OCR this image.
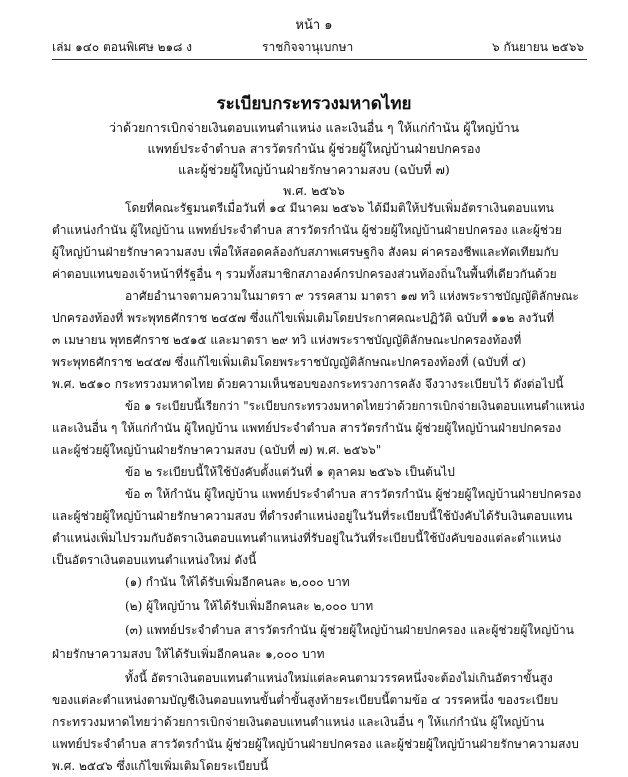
หน้า ๑
เล่ม ๑๔๐ ตอนพิเศษ ๒๑๘ ง	ราชกิจจานุเบกษา	๖ กันยายน ๒๕๖๖
ระเบียบกระทรวงมหาดไทย
ว่าด้วยการเบิกจ่ายเงินตอบแทนตำแหน่ง และเงินอื่น ๆ ให้แก่กำนัน ผู้ใหญ่บ้าน
แพทย์ประจำตำบล สารวัตรกำนัน ผู้ช่วยผู้ใหญ่บ้านฝ่ายปกครอง
และผู้ช่วยผู้ใหญ่บ้านฝ่ายรักษาความสงบ (ฉบับที่ ๗)
พ.ศ. ๒๕๖๖
โดยที่คณะรัฐมนตรีเมื่อวันที่ ๑๔ มีนาคม ๒๕๖๖ ได้มีมติให้ปรับเพิ่มอัตราเงินตอบแทน
ตำแหน่งกำนัน ผู้ใหญ่บ้าน แพทย์ประจำตำบล สารวัตรกำนัน ผู้ช่วยผู้ใหญ่บ้านฝ่ายปกครอง และผู้ช่วย
ผู้ใหญ่บ้านฝ่ายรักษาความสงบ เพื่อให้สอดคล้องกับสภาพเศรษฐกิจ สังคม ค่าครองชีพและทัดเทียมกับ
ค่าตอบแทนของเจ้าหน้าที่รัฐอื่น ๆ รวมทั้งสมาชิกสภาองค์กรปกครองส่วนท้องถิ่นในพื้นที่เดียวกันด้วย
อาศัยอำนาจตามความในมาตรา ๙ วรรคสาม มาตรา ๑๗ ทวิ แห่งพระราชบัญญัติลักษณะ
ปกครองท้องที่ พระพุทธศักราช ๒๔๕๗ ซึ่งแก้ไขเพิ่มเติมโดยประกาศคณะปฏิวัติ ฉบับที่ ๑๑๒ ลงวันที่
๓ เมษายน พุทธศักราช ๒๕๑๕ และมาตรา ๒๙ ทวิ แห่งพระราชบัญญัติลักษณะปกครองท้องที่
พระพุทธศักราช ๒๔๕๗ ซึ่งแก้ไขเพิ่มเติมโดยพระราชบัญญัติลักษณะปกครองท้องที่ (ฉบับที่ ๔)
พ.ศ. ๒๕๑๐ กระทรวงมหาดไทย ด้วยความเห็นชอบของกระทรวงการคลัง จึงวางระเบียบไว้ ดังต่อไปนี้
ข้อ ๑ ระเบียบนี้เรียกว่า "ระเบียบกระทรวงมหาดไทยว่าด้วยการเบิกจ่ายเงินตอบแทนตำแหน่ง
และเงินอื่น ๆ ให้แก่กำนัน ผู้ใหญ่บ้าน แพทย์ประจำตำบล สารวัตรกำนัน ผู้ช่วยผู้ใหญ่บ้านฝ่ายปกครอง
และผู้ช่วยผู้ใหญ่บ้านฝ่ายรักษาความสงบ (ฉบับที่ ๗) พ.ศ. ๒๕๖๖"
ข้อ ๒ ระเบียบนี้ให้ใช้บังคับตั้งแต่วันที่ ๑ ตุลาคม ๒๕๖๖ เป็นต้นไป
ข้อ ๓ ให้กำนัน ผู้ใหญ่บ้าน แพทย์ประจำตำบล สารวัตรกำนัน ผู้ช่วยผู้ใหญ่บ้านฝ่ายปกครอง
และผู้ช่วยผู้ใหญ่บ้านฝ่ายรักษาความสงบ ที่ดำรงตำแหน่งอยู่ในวันที่ระเบียบนี้ใช้บังคับได้รับเงินตอบแทน
ตำแหน่งเพิ่มไปรวมกับอัตราเงินตอบแทนตำแหน่งที่รับอยู่ในวันที่ระเบียบนี้ใช้บังคับของแต่ละตำแหน่ง
เป็นอัตราเงินตอบแทนตำแหน่งใหม่ ดังนี้
(๑) กำนัน ให้ได้รับเพิ่มอีกคนละ ๒,๐๐๐ บาท
(๒) ผู้ใหญ่บ้าน ให้ได้รับเพิ่มอีกคนละ ๒,๐๐๐ บาท
(๓) แพทย์ประจำตำบล สารวัตรกำนัน ผู้ช่วยผู้ใหญ่บ้านฝ่ายปกครอง และผู้ช่วยผู้ใหญ่บ้าน
ฝ่ายรักษาความสงบ ให้ได้รับเพิ่มอีกคนละ ๑,๐๐๐ บาท
ทั้งนี้ อัตราเงินตอบแทนตำแหน่งใหม่แต่ละคนตามวรรคหนึ่งจะต้องไม่เกินอัตราขั้นสูง
ของแต่ละตำแหน่งตามบัญชีเงินตอบแทนขั้นต่ำขั้นสูงท้ายระเบียบนี้ตามข้อ ๔ วรรคหนึ่ง ของระเบียบ
กระทรวงมหาดไทยว่าด้วยการเบิกจ่ายเงินตอบแทนตำแหน่ง และเงินอื่น ๆ ให้แก่กำนัน ผู้ใหญ่บ้าน
แพทย์ประจำตำบล สารวัตรกำนัน ผู้ช่วยผู้ใหญ่บ้านฝ่ายปกครอง และผู้ช่วยผู้ใหญ่บ้านฝ่ายรักษาความสงบ
พ.ศ. ๒๕๔๖ ซึ่งแก้ไขเพิ่มเติมโดยระเบียบนี้
